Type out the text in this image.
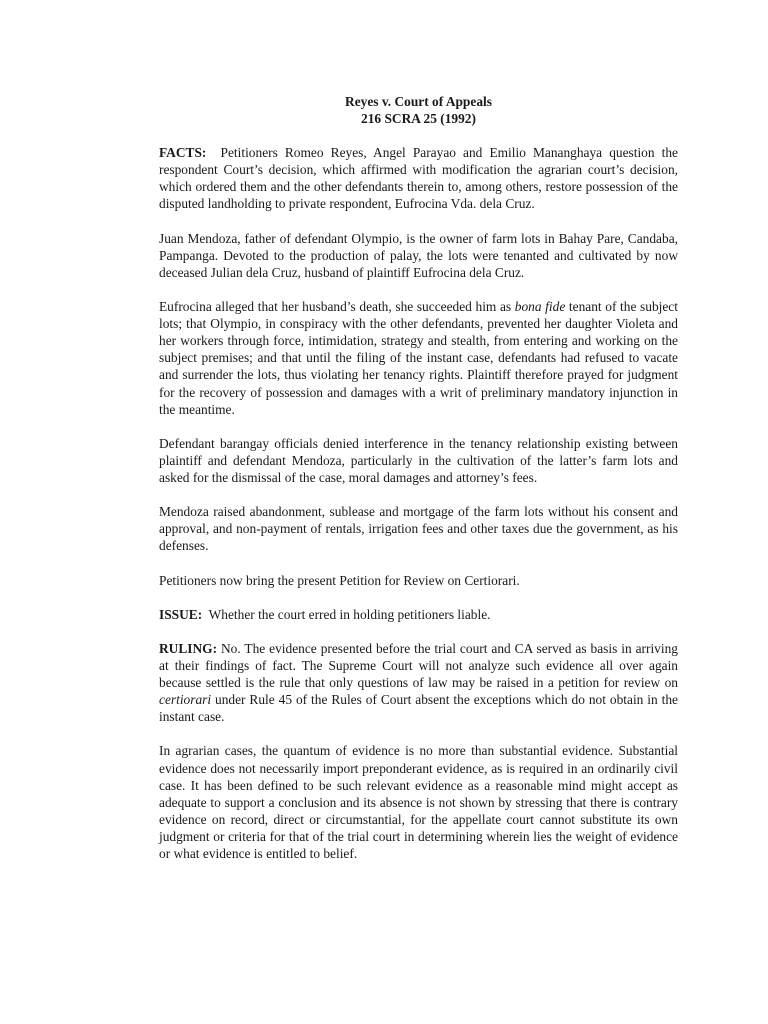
Reyes v. Court of Appeals
216 SCRA 25 (1992)

FACTS: Petitioners Romeo Reyes, Angel Parayao and Emilio Mananghaya question the respondent Court’s decision, which affirmed with modification the agrarian court’s decision, which ordered them and the other defendants therein to, among others, restore possession of the disputed landholding to private respondent, Eufrocina Vda. dela Cruz.

Juan Mendoza, father of defendant Olympio, is the owner of farm lots in Bahay Pare, Candaba, Pampanga. Devoted to the production of palay, the lots were tenanted and cultivated by now deceased Julian dela Cruz, husband of plaintiff Eufrocina dela Cruz.

Eufrocina alleged that her husband’s death, she succeeded him as bona fide tenant of the subject lots; that Olympio, in conspiracy with the other defendants, prevented her daughter Violeta and her workers through force, intimidation, strategy and stealth, from entering and working on the subject premises; and that until the filing of the instant case, defendants had refused to vacate and surrender the lots, thus violating her tenancy rights. Plaintiff therefore prayed for judgment for the recovery of possession and damages with a writ of preliminary mandatory injunction in the meantime.

Defendant barangay officials denied interference in the tenancy relationship existing between plaintiff and defendant Mendoza, particularly in the cultivation of the latter’s farm lots and asked for the dismissal of the case, moral damages and attorney’s fees.

Mendoza raised abandonment, sublease and mortgage of the farm lots without his consent and approval, and non-payment of rentals, irrigation fees and other taxes due the government, as his defenses.

Petitioners now bring the present Petition for Review on Certiorari.

ISSUE: Whether the court erred in holding petitioners liable.

RULING: No. The evidence presented before the trial court and CA served as basis in arriving at their findings of fact. The Supreme Court will not analyze such evidence all over again because settled is the rule that only questions of law may be raised in a petition for review on certiorari under Rule 45 of the Rules of Court absent the exceptions which do not obtain in the instant case.

In agrarian cases, the quantum of evidence is no more than substantial evidence. Substantial evidence does not necessarily import preponderant evidence, as is required in an ordinarily civil case. It has been defined to be such relevant evidence as a reasonable mind might accept as adequate to support a conclusion and its absence is not shown by stressing that there is contrary evidence on record, direct or circumstantial, for the appellate court cannot substitute its own judgment or criteria for that of the trial court in determining wherein lies the weight of evidence or what evidence is entitled to belief.
